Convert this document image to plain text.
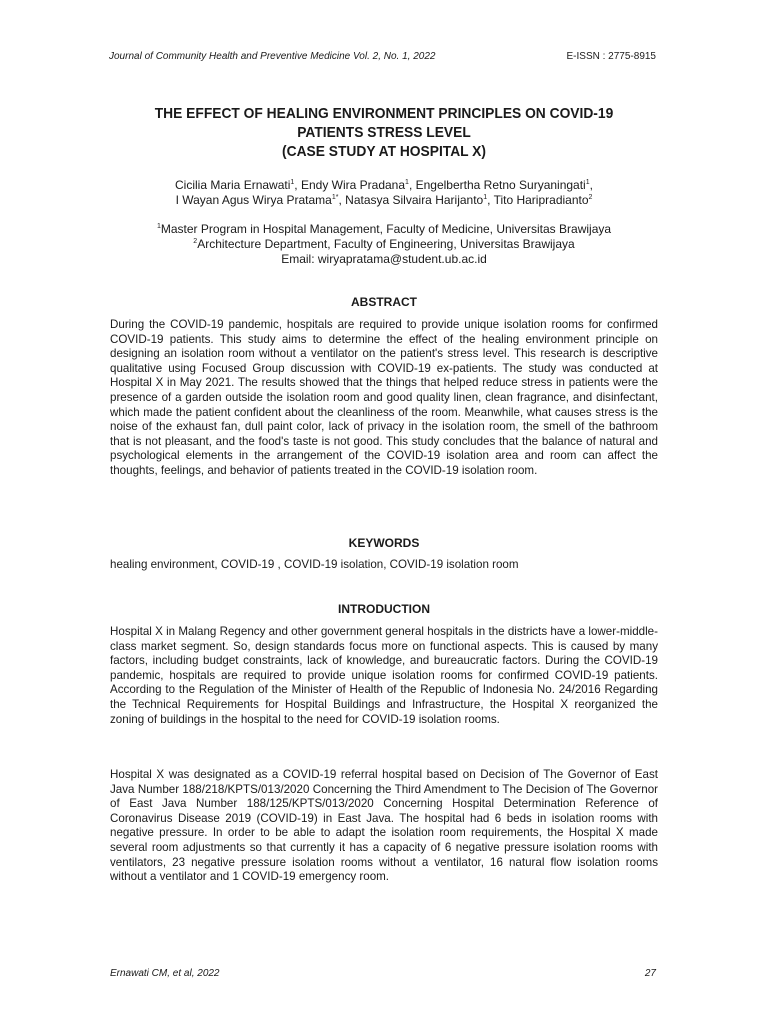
Journal of Community Health and Preventive Medicine Vol. 2, No. 1, 2022	E-ISSN : 2775-8915
THE EFFECT OF HEALING ENVIRONMENT PRINCIPLES ON COVID-19
PATIENTS STRESS LEVEL
(CASE STUDY AT HOSPITAL X)
Cicilia Maria Ernawati$^1$, Endy Wira Pradana$^1$, Engelbertha Retno Suryaningati$^1$,
I Wayan Agus Wirya Pratama$^{1*}$, Natasya Silvaira Harijanto$^1$, Tito Haripradianto$^2$
$^1$Master Program in Hospital Management, Faculty of Medicine, Universitas Brawijaya
$^2$Architecture Department, Faculty of Engineering, Universitas Brawijaya
Email: wiryapratama@student.ub.ac.id
ABSTRACT
During the COVID-19 pandemic, hospitals are required to provide unique isolation rooms for confirmed COVID-19 patients. This study aims to determine the effect of the healing environment principle on designing an isolation room without a ventilator on the patient's stress level. This research is descriptive qualitative using Focused Group discussion with COVID-19 ex-patients. The study was conducted at Hospital X in May 2021. The results showed that the things that helped reduce stress in patients were the presence of a garden outside the isolation room and good quality linen, clean fragrance, and disinfectant, which made the patient confident about the cleanliness of the room. Meanwhile, what causes stress is the noise of the exhaust fan, dull paint color, lack of privacy in the isolation room, the smell of the bathroom that is not pleasant, and the food's taste is not good. This study concludes that the balance of natural and psychological elements in the arrangement of the COVID-19 isolation area and room can affect the thoughts, feelings, and behavior of patients treated in the COVID-19 isolation room.
KEYWORDS
healing environment, COVID-19 , COVID-19 isolation, COVID-19 isolation room
INTRODUCTION
Hospital X in Malang Regency and other government general hospitals in the districts have a lower-middle-class market segment. So, design standards focus more on functional aspects. This is caused by many factors, including budget constraints, lack of knowledge, and bureaucratic factors. During the COVID-19 pandemic, hospitals are required to provide unique isolation rooms for confirmed COVID-19 patients. According to the Regulation of the Minister of Health of the Republic of Indonesia No. 24/2016 Regarding the Technical Requirements for Hospital Buildings and Infrastructure, the Hospital X reorganized the zoning of buildings in the hospital to the need for COVID-19 isolation rooms.
Hospital X was designated as a COVID-19 referral hospital based on Decision of The Governor of East Java Number 188/218/KPTS/013/2020 Concerning the Third Amendment to The Decision of The Governor of East Java Number 188/125/KPTS/013/2020 Concerning Hospital Determination Reference of Coronavirus Disease 2019 (COVID-19) in East Java. The hospital had 6 beds in isolation rooms with negative pressure. In order to be able to adapt the isolation room requirements, the Hospital X made several room adjustments so that currently it has a capacity of 6 negative pressure isolation rooms with ventilators, 23 negative pressure isolation rooms without a ventilator, 16 natural flow isolation rooms without a ventilator and 1 COVID-19 emergency room.
Ernawati CM, et al, 2022	27
